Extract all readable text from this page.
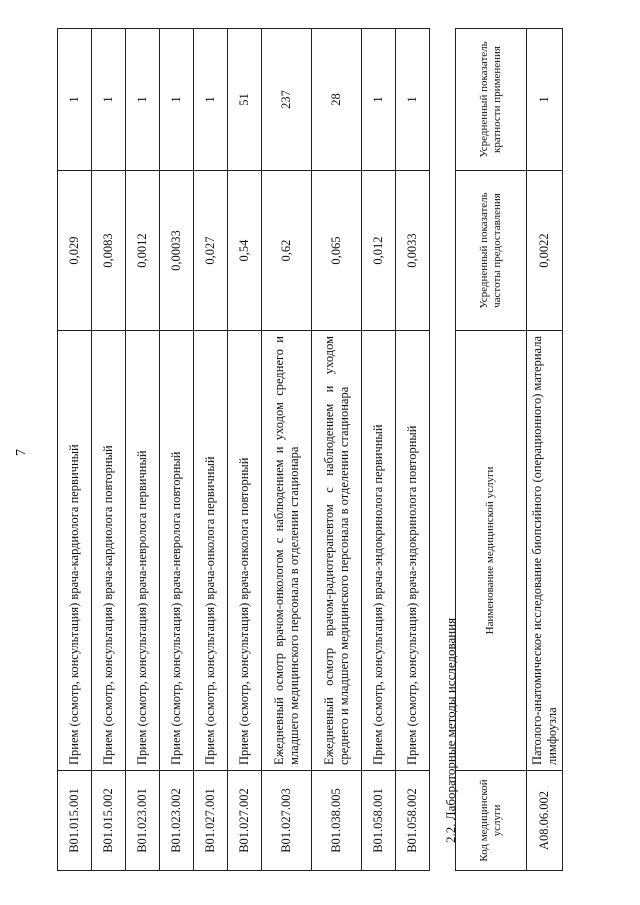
7
B01.015.001	Прием (осмотр, консультация) врача-кардиолога первичный	0,029	1
B01.015.002	Прием (осмотр, консультация) врача-кардиолога повторный	0,0083	1
B01.023.001	Прием (осмотр, консультация) врача-невролога первичный	0,0012	1
B01.023.002	Прием (осмотр, консультация) врача-невролога повторный	0,00033	1
B01.027.001	Прием (осмотр, консультация) врача-онколога первичный	0,027	1
B01.027.002	Прием (осмотр, консультация) врача-онколога повторный	0,54	51
B01.027.003	Ежедневный осмотр врачом-онкологом с наблюдением и уходом среднего и младшего медицинского персонала в отделении стационара	0,62	237
B01.038.005	Ежедневный осмотр врачом-радиотерапевтом с наблюдением и уходом среднего и младшего медицинского персонала в отделении стационара	0,065	28
B01.058.001	Прием (осмотр, консультация) врача-эндокринолога первичный	0,012	1
B01.058.002	Прием (осмотр, консультация) врача-эндокринолога повторный	0,0033	1
2.2. Лабораторные методы исследования Код медицинской услуги	Наименование медицинской услуги	Усредненный показатель частоты предоставления	Усредненный показатель кратности применения
A08.06.002	Патолого-анатомическое исследование биопсийного (операционного) материала лимфоузла	0,0022	1
